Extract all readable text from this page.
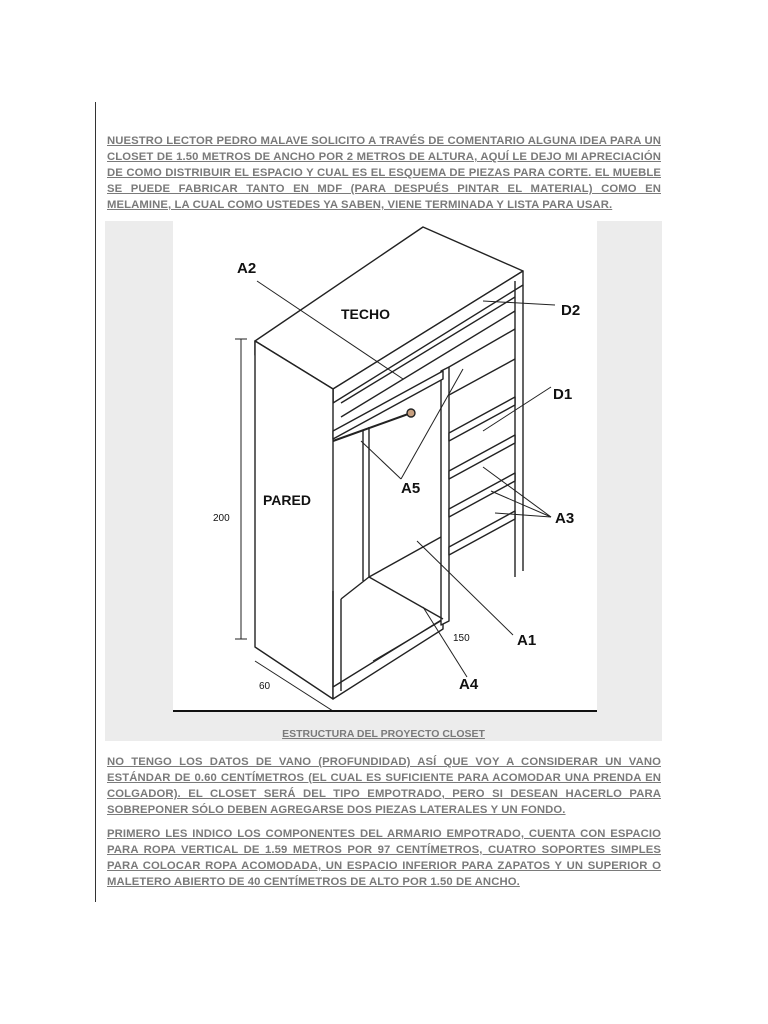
NUESTRO LECTOR PEDRO MALAVE SOLICITO A TRAVÉS DE COMENTARIO ALGUNA IDEA PARA UN CLOSET DE 1.50 METROS DE ANCHO POR 2 METROS DE ALTURA, AQUÍ LE DEJO MI APRECIACIÓN DE COMO DISTRIBUIR EL ESPACIO Y CUAL ES EL ESQUEMA DE PIEZAS PARA CORTE. EL MUEBLE SE PUEDE FABRICAR TANTO EN MDF (PARA DESPUÉS PINTAR EL MATERIAL) COMO EN MELAMINE, LA CUAL COMO USTEDES YA SABEN, VIENE TERMINADA Y LISTA PARA USAR.

A2
TECHO	D2
D1
PARED
A5
A3
A1
A4
200
150
60
ESTRUCTURA DEL PROYECTO CLOSET

NO TENGO LOS DATOS DE VANO (PROFUNDIDAD) ASÍ QUE VOY A CONSIDERAR UN VANO ESTÁNDAR DE 0.60 CENTÍMETROS (EL CUAL ES SUFICIENTE PARA ACOMODAR UNA PRENDA EN COLGADOR). EL CLOSET SERÁ DEL TIPO EMPOTRADO, PERO SI DESEAN HACERLO PARA SOBREPONER SÓLO DEBEN AGREGARSE DOS PIEZAS LATERALES Y UN FONDO.

PRIMERO LES INDICO LOS COMPONENTES DEL ARMARIO EMPOTRADO, CUENTA CON ESPACIO PARA ROPA VERTICAL DE 1.59 METROS POR 97 CENTÍMETROS, CUATRO SOPORTES SIMPLES PARA COLOCAR ROPA ACOMODADA, UN ESPACIO INFERIOR PARA ZAPATOS Y UN SUPERIOR O MALETERO ABIERTO DE 40 CENTÍMETROS DE ALTO POR 1.50 DE ANCHO.
